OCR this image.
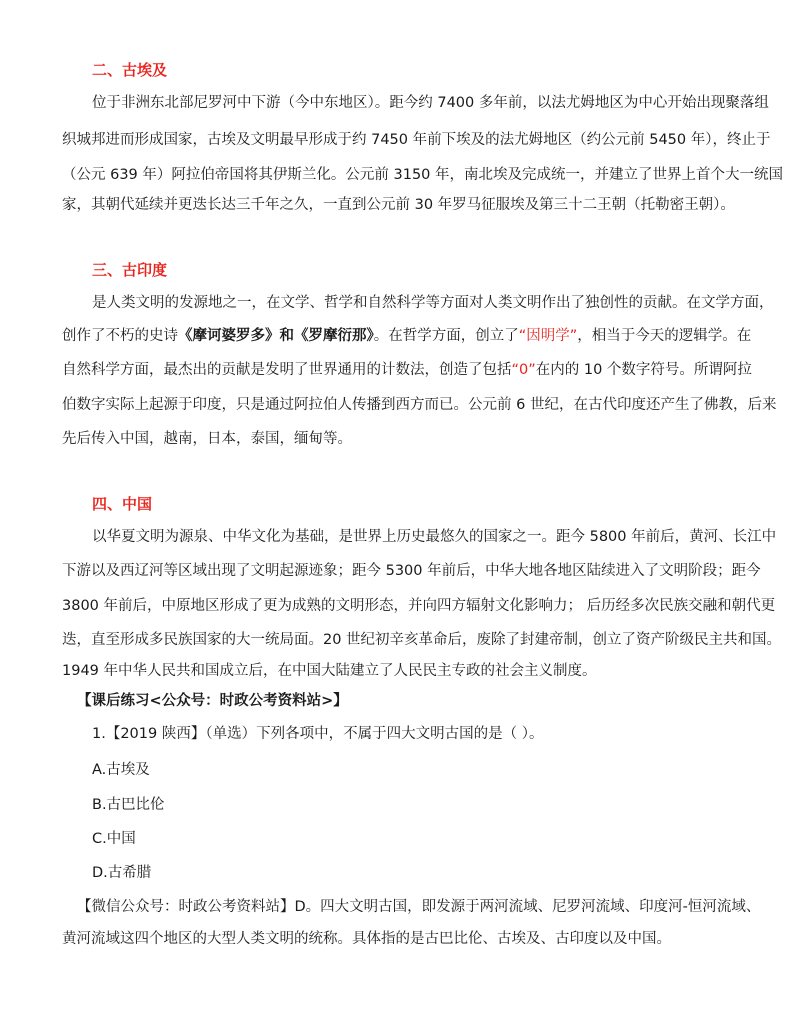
二、古埃及
位于非洲东北部尼罗河中下游（今中东地区）。距今约 7400 多年前，以法尤姆地区为中心开始出现聚落组
织城邦进而形成国家，古埃及文明最早形成于约 7450 年前下埃及的法尤姆地区（约公元前 5450 年），终止于
（公元 639 年）阿拉伯帝国将其伊斯兰化。公元前 3150 年，南北埃及完成统一，并建立了世界上首个大一统国
家，其朝代延续并更迭长达三千年之久，一直到公元前 30 年罗马征服埃及第三十二王朝（托勒密王朝）。
三、古印度
是人类文明的发源地之一，在文学、哲学和自然科学等方面对人类文明作出了独创性的贡献。在文学方面，
创作了不朽的史诗《摩诃婆罗多》和《罗摩衍那》。在哲学方面，创立了“因明学”，相当于今天的逻辑学。在
自然科学方面，最杰出的贡献是发明了世界通用的计数法，创造了包括“0”在内的 10 个数字符号。所谓阿拉
伯数字实际上起源于印度，只是通过阿拉伯人传播到西方而已。公元前 6 世纪，在古代印度还产生了佛教，后来
先后传入中国，越南，日本，泰国，缅甸等。
四、中国
以华夏文明为源泉、中华文化为基础，是世界上历史最悠久的国家之一。距今 5800 年前后，黄河、长江中
下游以及西辽河等区域出现了文明起源迹象；距今 5300 年前后，中华大地各地区陆续进入了文明阶段；距今
3800 年前后，中原地区形成了更为成熟的文明形态，并向四方辐射文化影响力； 后历经多次民族交融和朝代更
迭，直至形成多民族国家的大一统局面。20 世纪初辛亥革命后，废除了封建帝制，创立了资产阶级民主共和国。
1949 年中华人民共和国成立后，在中国大陆建立了人民民主专政的社会主义制度。
【课后练习<公众号：时政公考资料站>】
1.【2019 陕西】（单选）下列各项中，不属于四大文明古国的是（ ）。
A.古埃及
B.古巴比伦
C.中国
D.古希腊
【微信公众号：时政公考资料站】D。四大文明古国，即发源于两河流域、尼罗河流域、印度河-恒河流域、
黄河流域这四个地区的大型人类文明的统称。具体指的是古巴比伦、古埃及、古印度以及中国。
